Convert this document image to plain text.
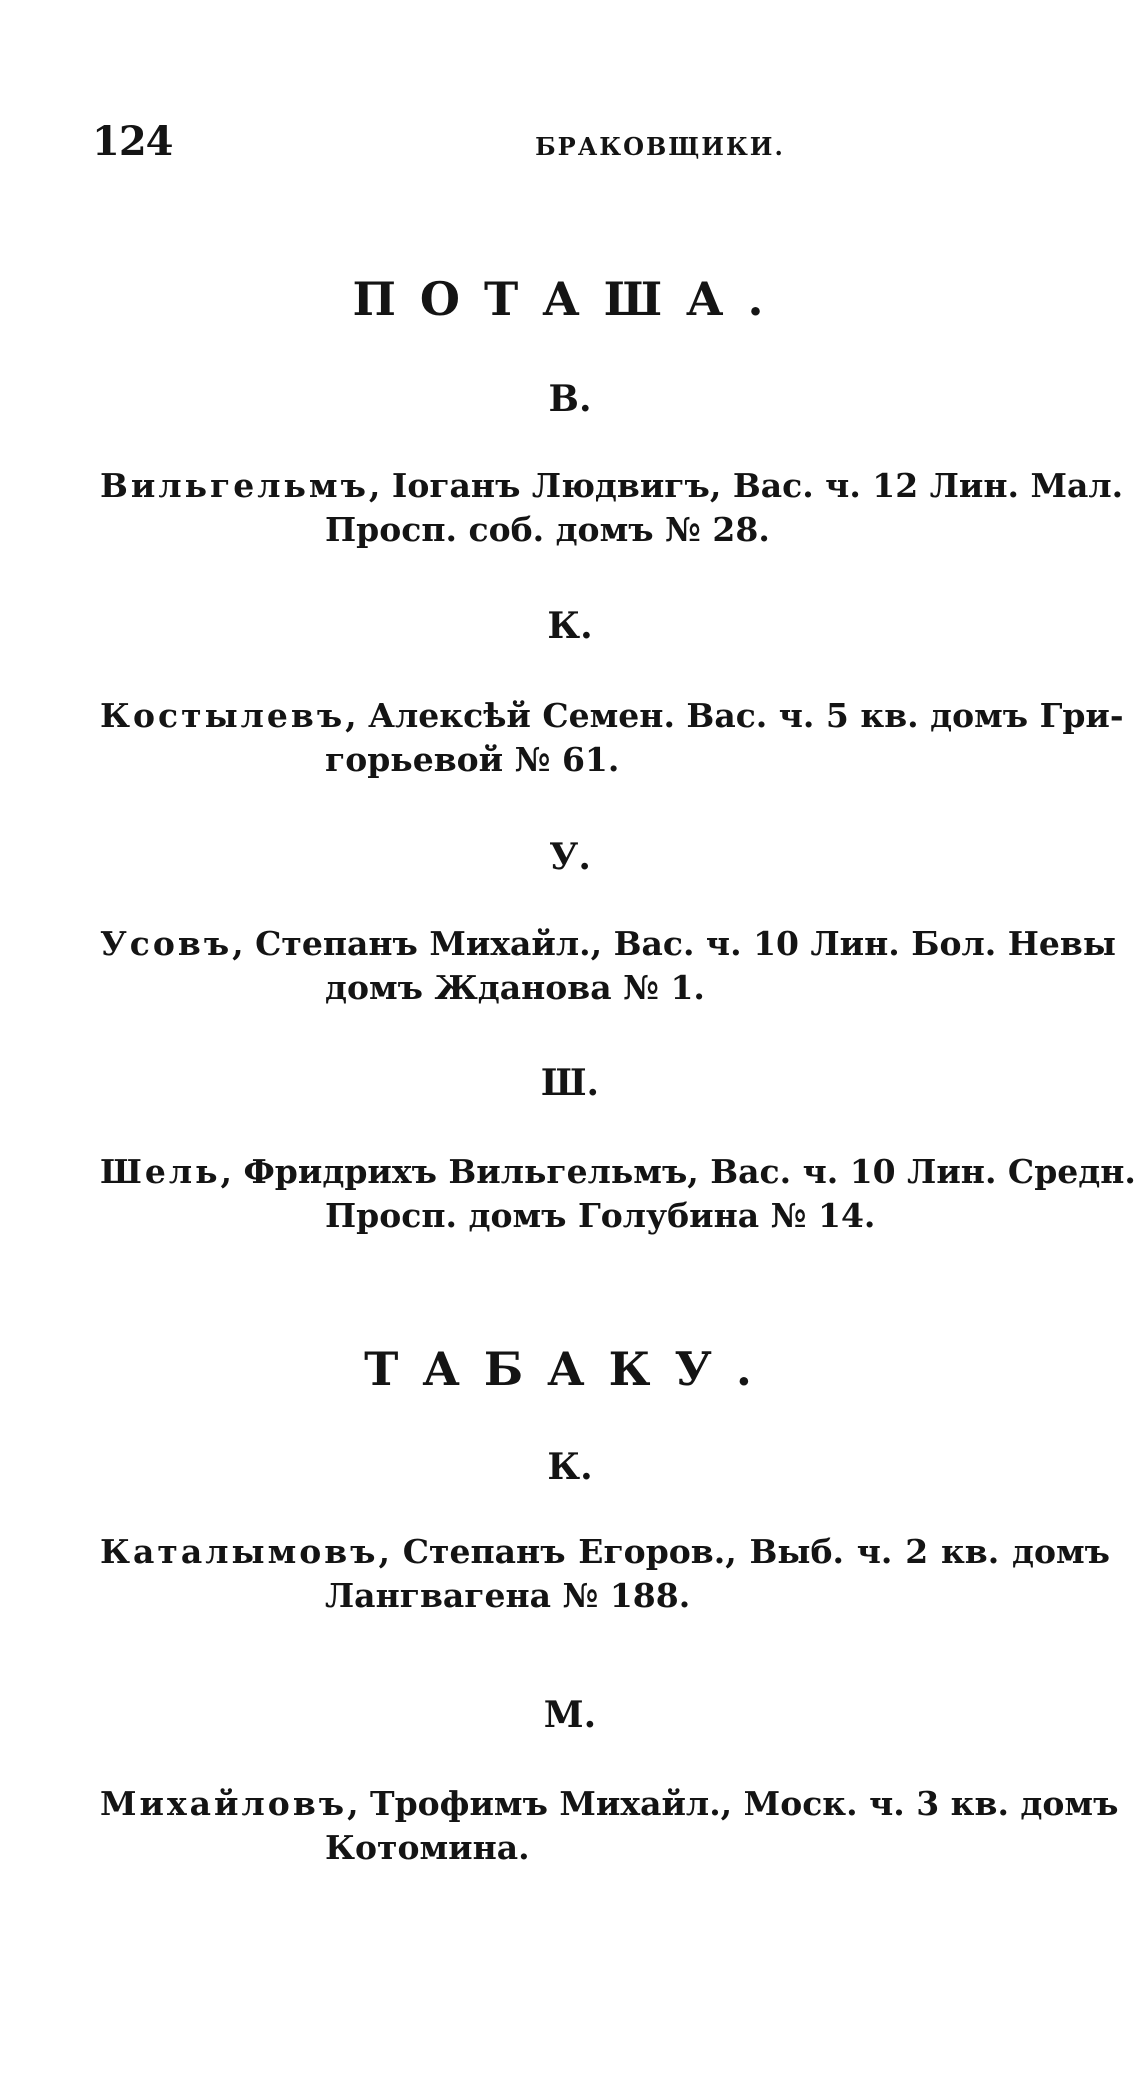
124	БРАКОВЩИКИ.
ПОТАША.
В.
Вильгельмъ, Іоганъ Людвигъ, Вас. ч. 12 Лин. Мал.
Просп. соб. домъ № 28.
К.
Костылевъ, Алексѣй Семен. Вас. ч. 5 кв. домъ Гри-
горьевой № 61.
У.
Усовъ, Степанъ Михайл., Вас. ч. 10 Лин. Бол. Невы
домъ Жданова № 1.
Ш.
Шель, Фридрихъ Вильгельмъ, Вас. ч. 10 Лин. Средн.
Просп. домъ Голубина № 14.
ТАБАКУ.
К.
Каталымовъ, Степанъ Егоров., Выб. ч. 2 кв. домъ
Лангвагена № 188.
М.
Михайловъ, Трофимъ Михайл., Моск. ч. 3 кв. домъ
Котомина.
